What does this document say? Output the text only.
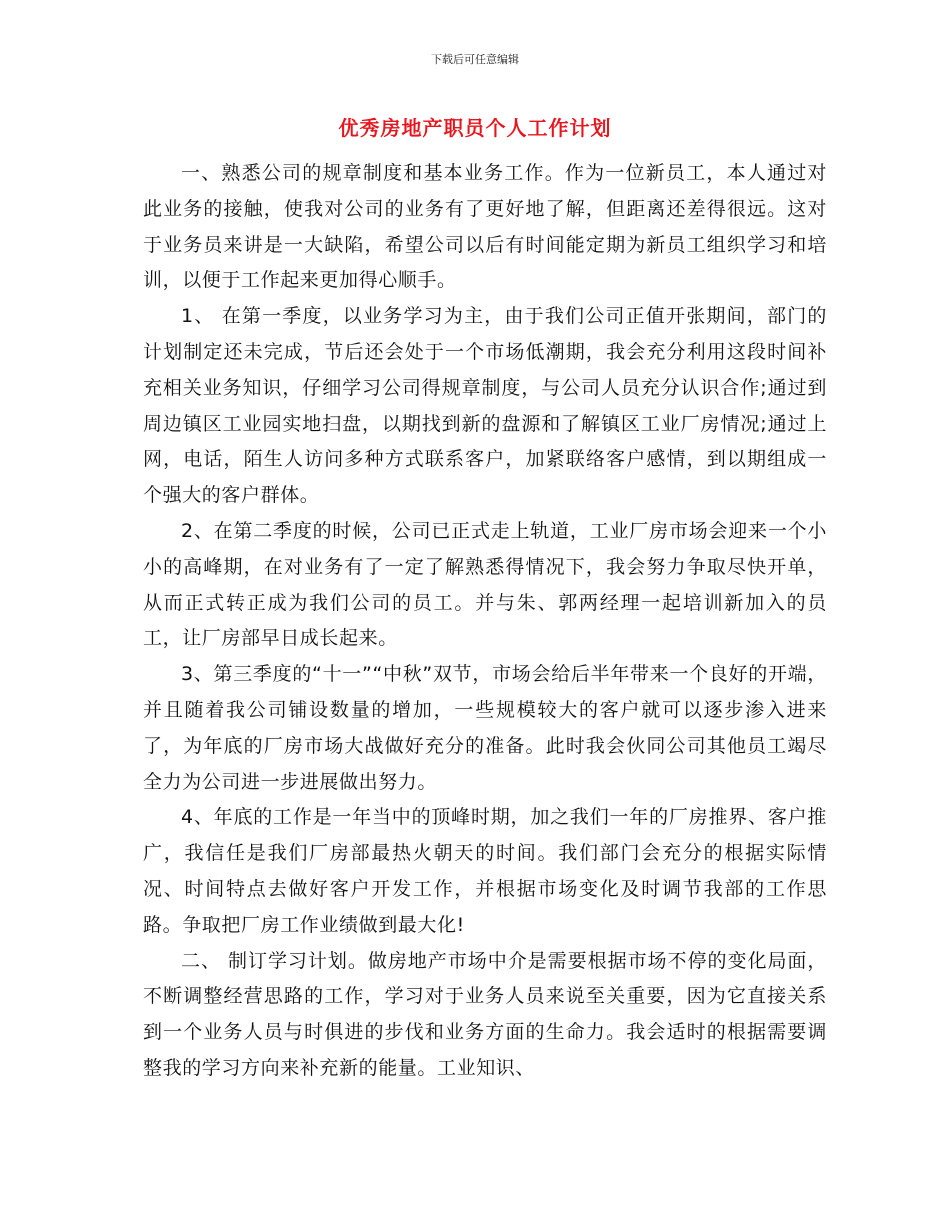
下载后可任意编辑
优秀房地产职员个人工作计划

一、熟悉公司的规章制度和基本业务工作。作为一位新员工，本人通过对此业务的接触，使我对公司的业务有了更好地了解，但距离还差得很远。这对于业务员来讲是一大缺陷，希望公司以后有时间能定期为新员工组织学习和培训，以便于工作起来更加得心顺手。

1、 在第一季度，以业务学习为主，由于我们公司正值开张期间，部门的计划制定还未完成，节后还会处于一个市场低潮期，我会充分利用这段时间补充相关业务知识，仔细学习公司得规章制度，与公司人员充分认识合作;通过到周边镇区工业园实地扫盘，以期找到新的盘源和了解镇区工业厂房情况;通过上网，电话，陌生人访问多种方式联系客户，加紧联络客户感情，到以期组成一个强大的客户群体。

2、在第二季度的时候，公司已正式走上轨道，工业厂房市场会迎来一个小小的高峰期，在对业务有了一定了解熟悉得情况下，我会努力争取尽快开单，从而正式转正成为我们公司的员工。并与朱、郭两经理一起培训新加入的员工，让厂房部早日成长起来。

3、第三季度的“十一”“中秋”双节，市场会给后半年带来一个良好的开端，并且随着我公司铺设数量的增加，一些规模较大的客户就可以逐步渗入进来了，为年底的厂房市场大战做好充分的准备。此时我会伙同公司其他员工竭尽全力为公司进一步进展做出努力。

4、年底的工作是一年当中的顶峰时期，加之我们一年的厂房推界、客户推广，我信任是我们厂房部最热火朝天的时间。我们部门会充分的根据实际情况、时间特点去做好客户开发工作，并根据市场变化及时调节我部的工作思路。争取把厂房工作业绩做到最大化!

二、 制订学习计划。做房地产市场中介是需要根据市场不停的变化局面，不断调整经营思路的工作，学习对于业务人员来说至关重要，因为它直接关系到一个业务人员与时俱进的步伐和业务方面的生命力。我会适时的根据需要调整我的学习方向来补充新的能量。工业知识、
